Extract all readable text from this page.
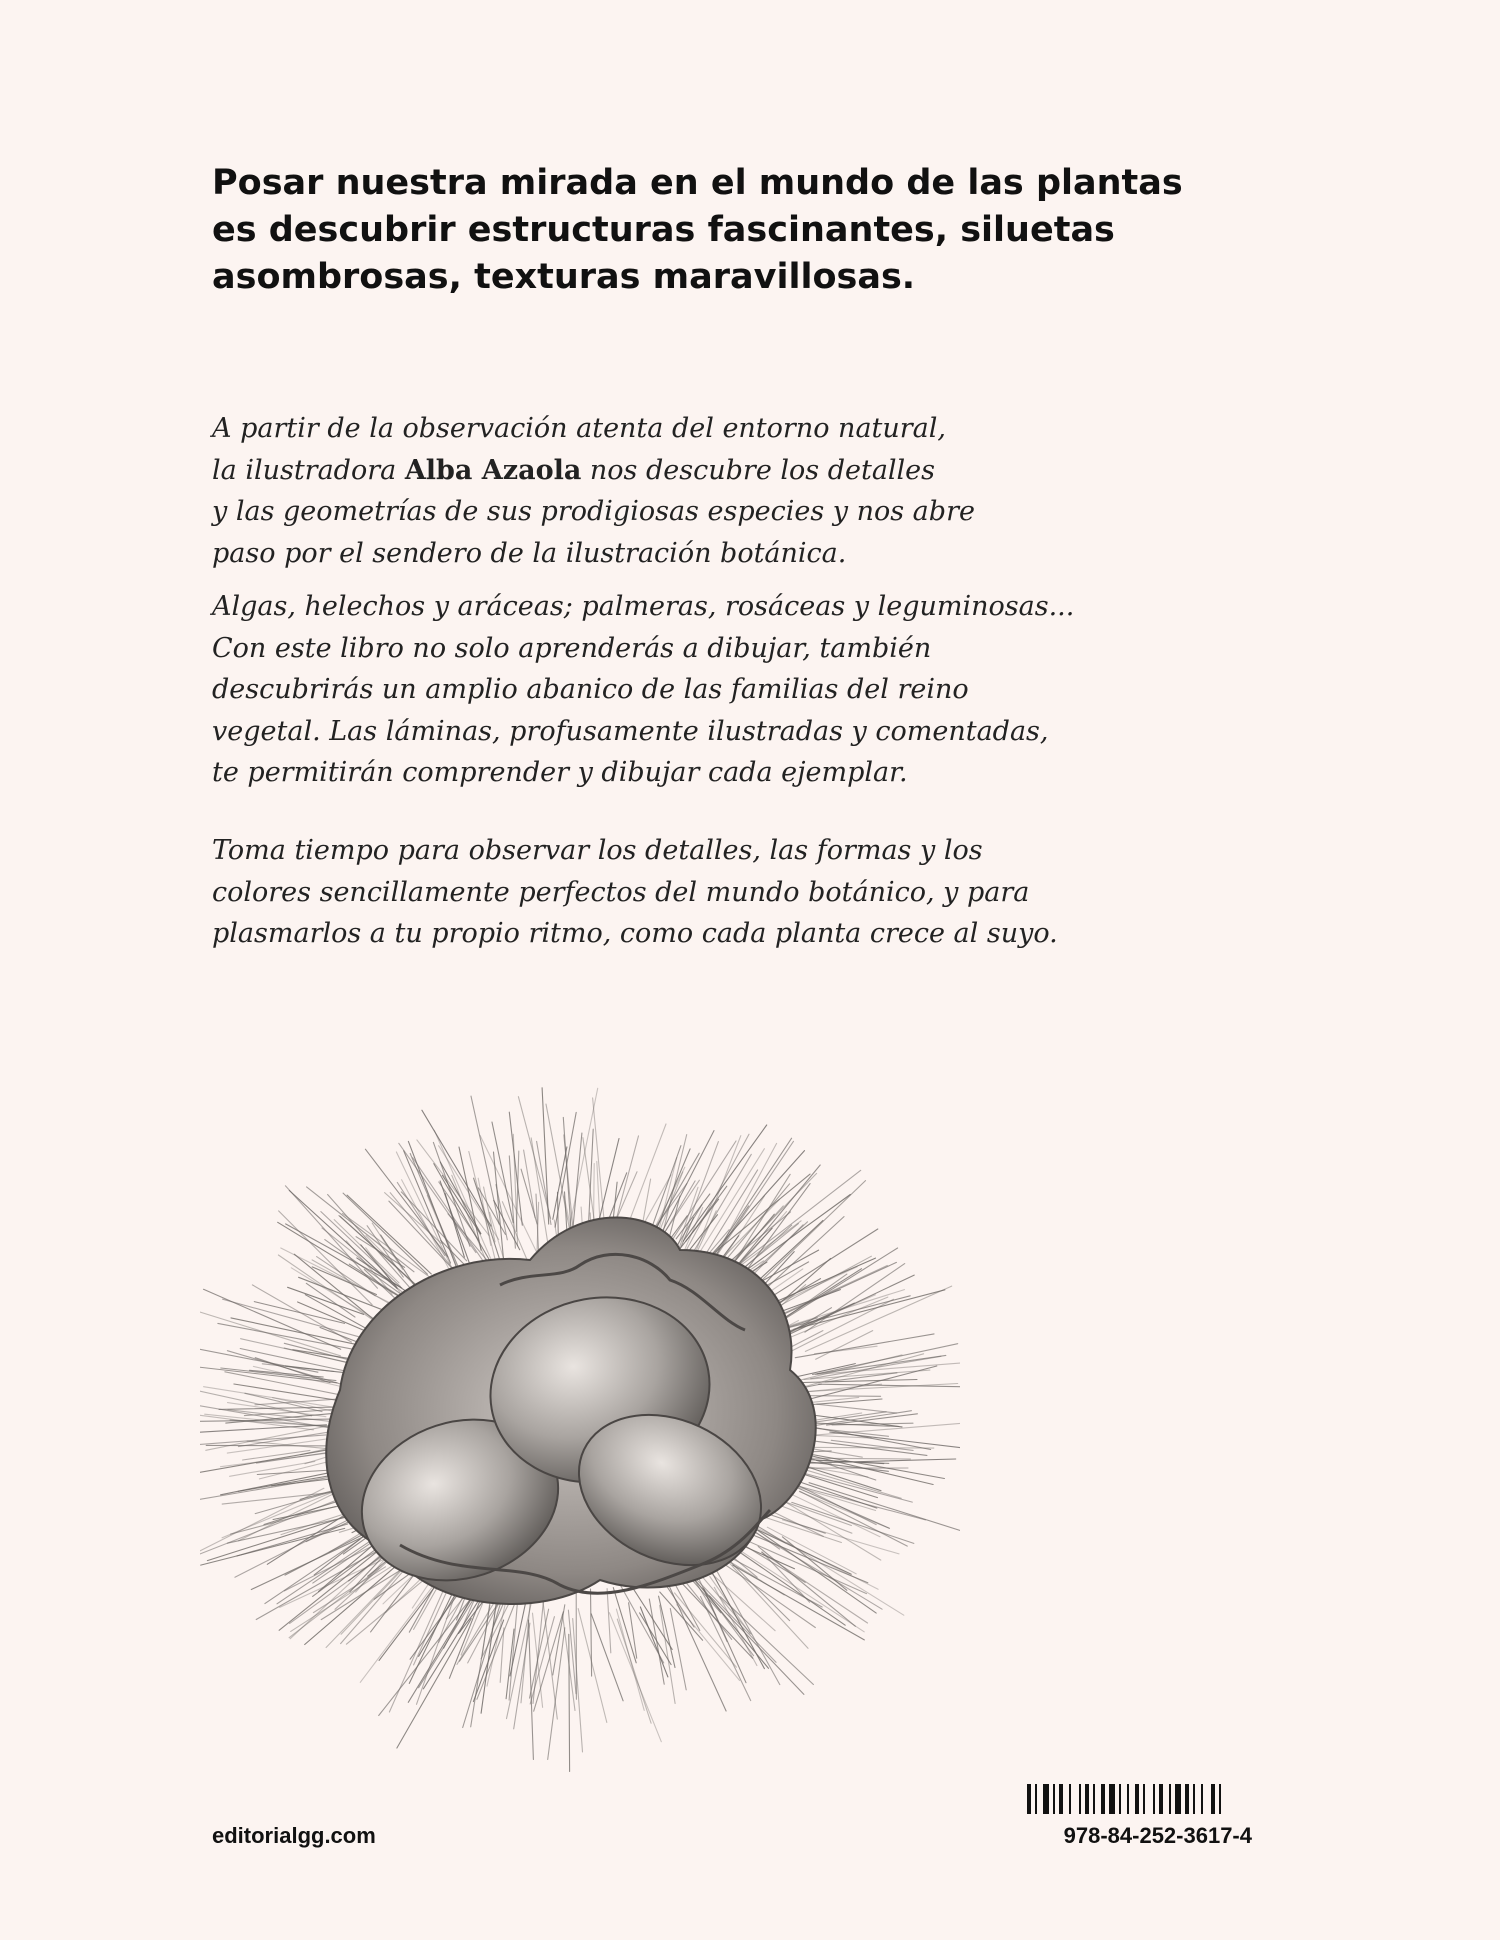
Posar nuestra mirada en el mundo de las plantas
es descubrir estructuras fascinantes, siluetas
asombrosas, texturas maravillosas.

A partir de la observación atenta del entorno natural,
la ilustradora Alba Azaola nos descubre los detalles
y las geometrías de sus prodigiosas especies y nos abre
paso por el sendero de la ilustración botánica.

Algas, helechos y aráceas; palmeras, rosáceas y leguminosas...
Con este libro no solo aprenderás a dibujar, también
descubrirás un amplio abanico de las familias del reino
vegetal. Las láminas, profusamente ilustradas y comentadas,
te permitirán comprender y dibujar cada ejemplar.

Toma tiempo para observar los detalles, las formas y los
colores sencillamente perfectos del mundo botánico, y para
plasmarlos a tu propio ritmo, como cada planta crece al suyo.

editorialgg.com	978-84-252-3617-4
